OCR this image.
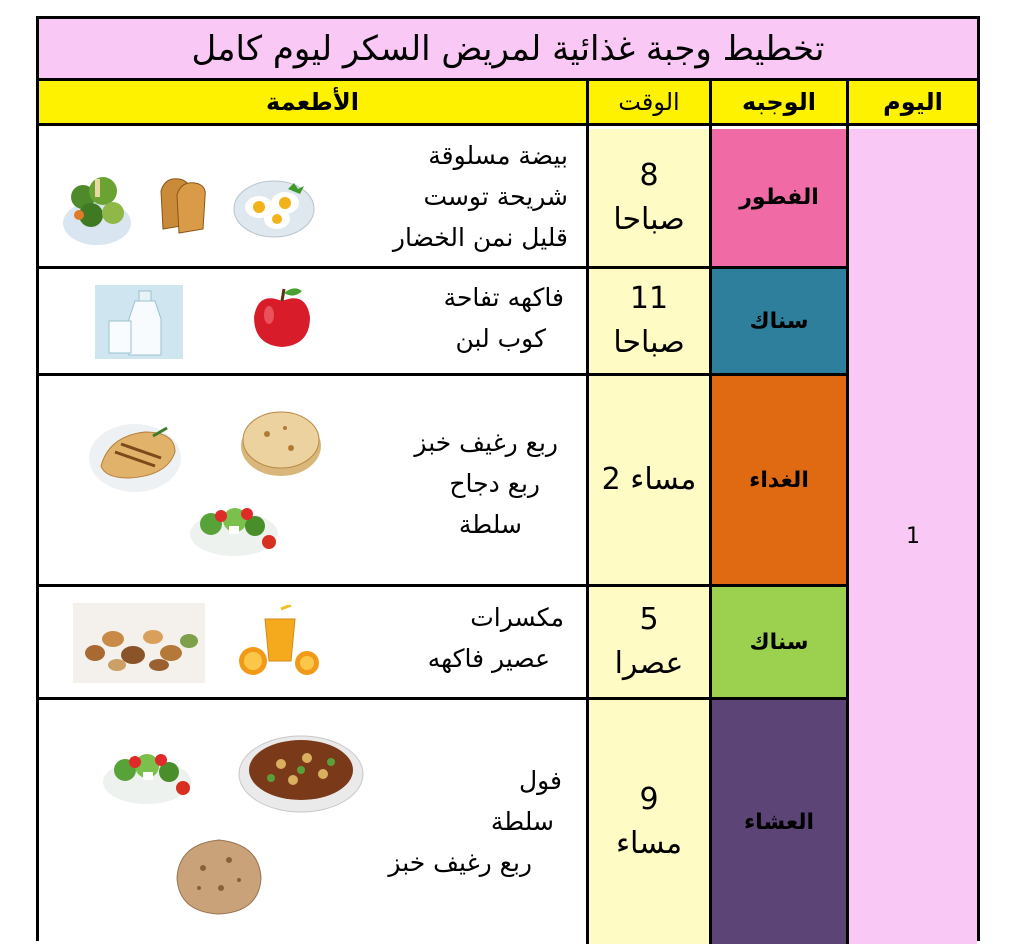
تخطيط وجبة غذائية لمريض السكر ليوم كامل
اليوم
الوجبه
الوقت
الأطعمة
1
بيضة مسلوقة
شريحة توست
قليل نمن الخضار
8
صباحا
الفطور
فاكهه تفاحة
كوب لبن
11
صباحا
سناك
ربع رغيف خبز
ربع دجاح
سلطة
مساء 2	الغداء
مكسرات
عصير فاكهه
5
عصرا
سناك
فول
سلطة
ربع رغيف خبز
9
مساء
العشاء
